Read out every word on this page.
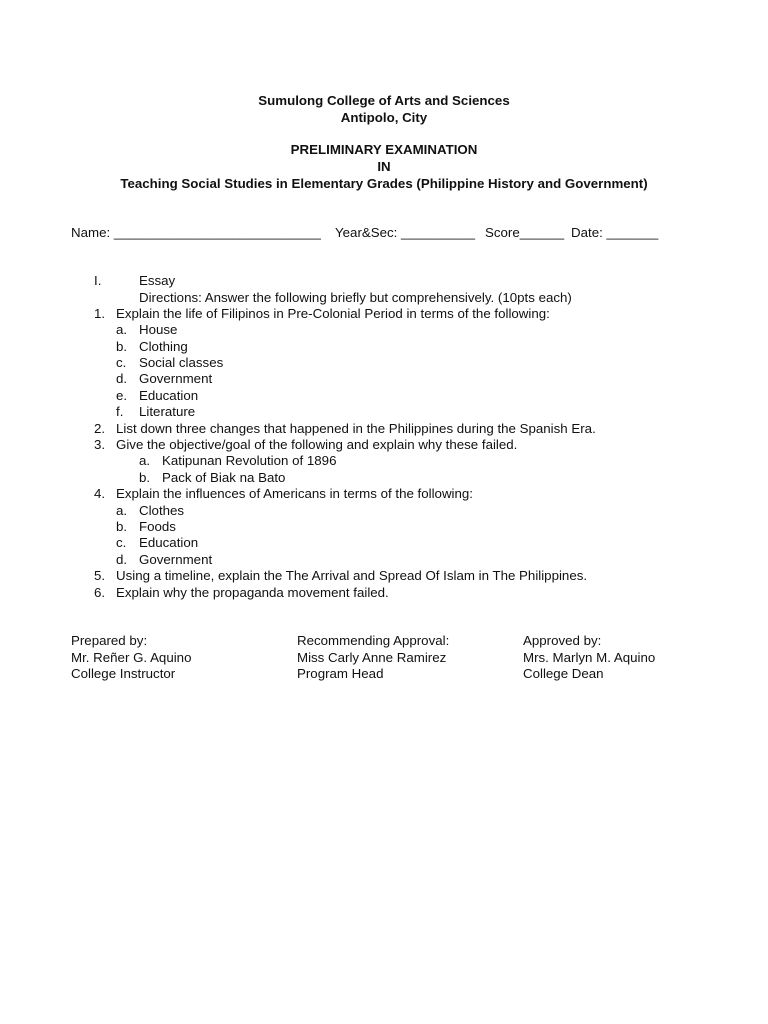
Sumulong College of Arts and Sciences
Antipolo, City
PRELIMINARY EXAMINATION
IN
Teaching Social Studies in Elementary Grades (Philippine History and Government)
Name: ____________________________ Year&Sec: __________ Score______ Date: _______
I.	Essay
Directions: Answer the following briefly but comprehensively. (10pts each)
1. Explain the life of Filipinos in Pre-Colonial Period in terms of the following:
a. House
b. Clothing
c. Social classes
d. Government
e. Education
f. Literature
2. List down three changes that happened in the Philippines during the Spanish Era.
3. Give the objective/goal of the following and explain why these failed.
a. Katipunan Revolution of 1896
b. Pack of Biak na Bato
4. Explain the influences of Americans in terms of the following:
a. Clothes
b. Foods
c. Education
d. Government
5. Using a timeline, explain the The Arrival and Spread Of Islam in The Philippines.
6. Explain why the propaganda movement failed.
Prepared by:
Mr. Reñer G. Aquino
College Instructor
Recommending Approval:
Miss Carly Anne Ramirez
Program Head
Approved by:
Mrs. Marlyn M. Aquino
College Dean
